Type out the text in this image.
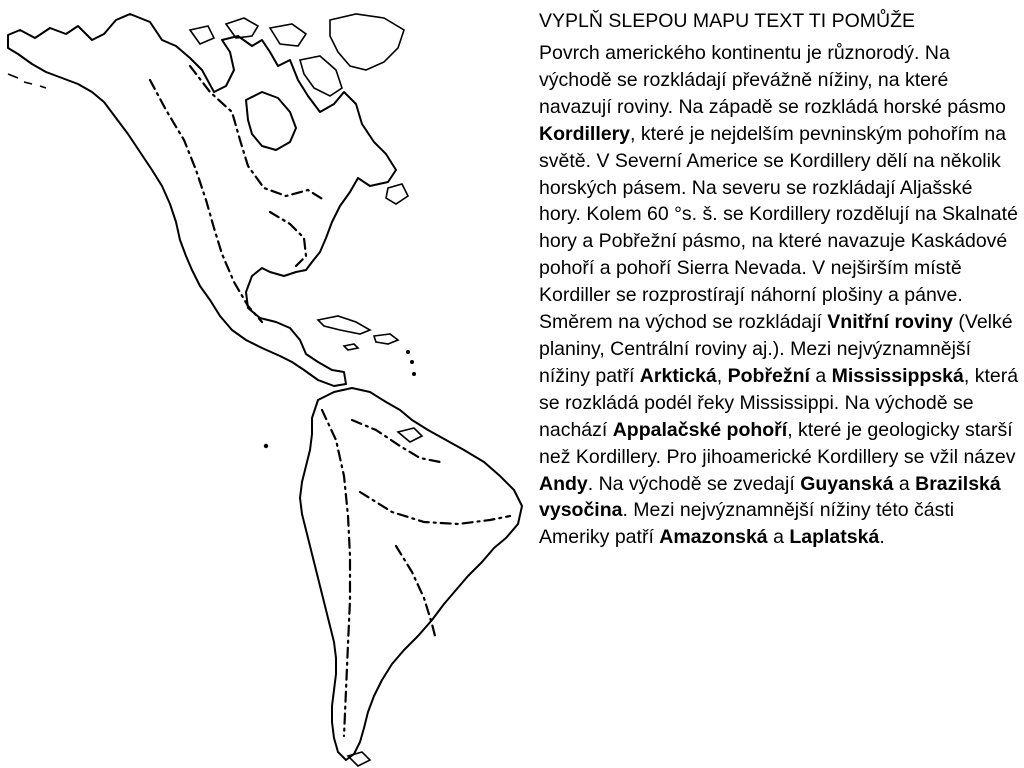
VYPLŇ SLEPOU MAPU TEXT TI POMŮŽE

Povrch amerického kontinentu je různorodý. Na východě se rozkládají převážně nížiny, na které navazují roviny. Na západě se rozkládá horské pásmo Kordillery, které je nejdelším pevninským pohořím na světě. V Severní Americe se Kordillery dělí na několik horských pásem. Na severu se rozkládají Aljašské hory. Kolem 60 °s. š. se Kordillery rozdělují na Skalnaté hory a Pobřežní pásmo, na které navazuje Kaskádové pohoří a pohoří Sierra Nevada. V nejširším místě Kordiller se rozprostírají náhorní plošiny a pánve. Směrem na východ se rozkládají Vnitřní roviny (Velké planiny, Centrální roviny aj.). Mezi nejvýznamnější nížiny patří Arktická, Pobřežní a Mississippská, která se rozkládá podél řeky Mississippi. Na východě se nachází Appalačské pohoří, které je geologicky starší než Kordillery. Pro jihoamerické Kordillery se vžil název Andy. Na východě se zvedají Guyanská a Brazilská vysočina. Mezi nejvýznamnější nížiny této části Ameriky patří Amazonská a Laplatská.
